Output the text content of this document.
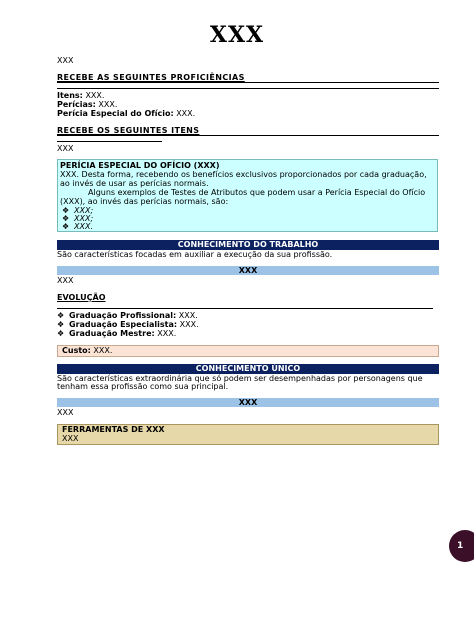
XXX
XXX
RECEBE AS SEGUINTES PROFICIÊNCIAS
Itens: XXX.
Perícias: XXX.
Perícia Especial do Ofício: XXX.
RECEBE OS SEGUINTES ITENS
XXX
PERÍCIA ESPECIAL DO OFÍCIO (XXX)
XXX. Desta forma, recebendo os benefícios exclusivos proporcionados por cada graduação,
ao invés de usar as perícias normais.
Alguns exemplos de Testes de Atributos que podem usar a Perícia Especial do Ofício
(XXX), ao invés das perícias normais, são:
❖ XXX;
❖ XXX;
❖ XXX.
CONHECIMENTO DO TRABALHO
São características focadas em auxiliar a execução da sua profissão.
XXX
XXX
EVOLUÇÃO
❖ Graduação Profissional: XXX.
❖ Graduação Especialista: XXX.
❖ Graduação Mestre: XXX.
Custo: XXX.
CONHECIMENTO ÚNICO
São características extraordinária que só podem ser desempenhadas por personagens que
tenham essa profissão como sua principal.
XXX
XXX
FERRAMENTAS DE XXX
XXX
1
